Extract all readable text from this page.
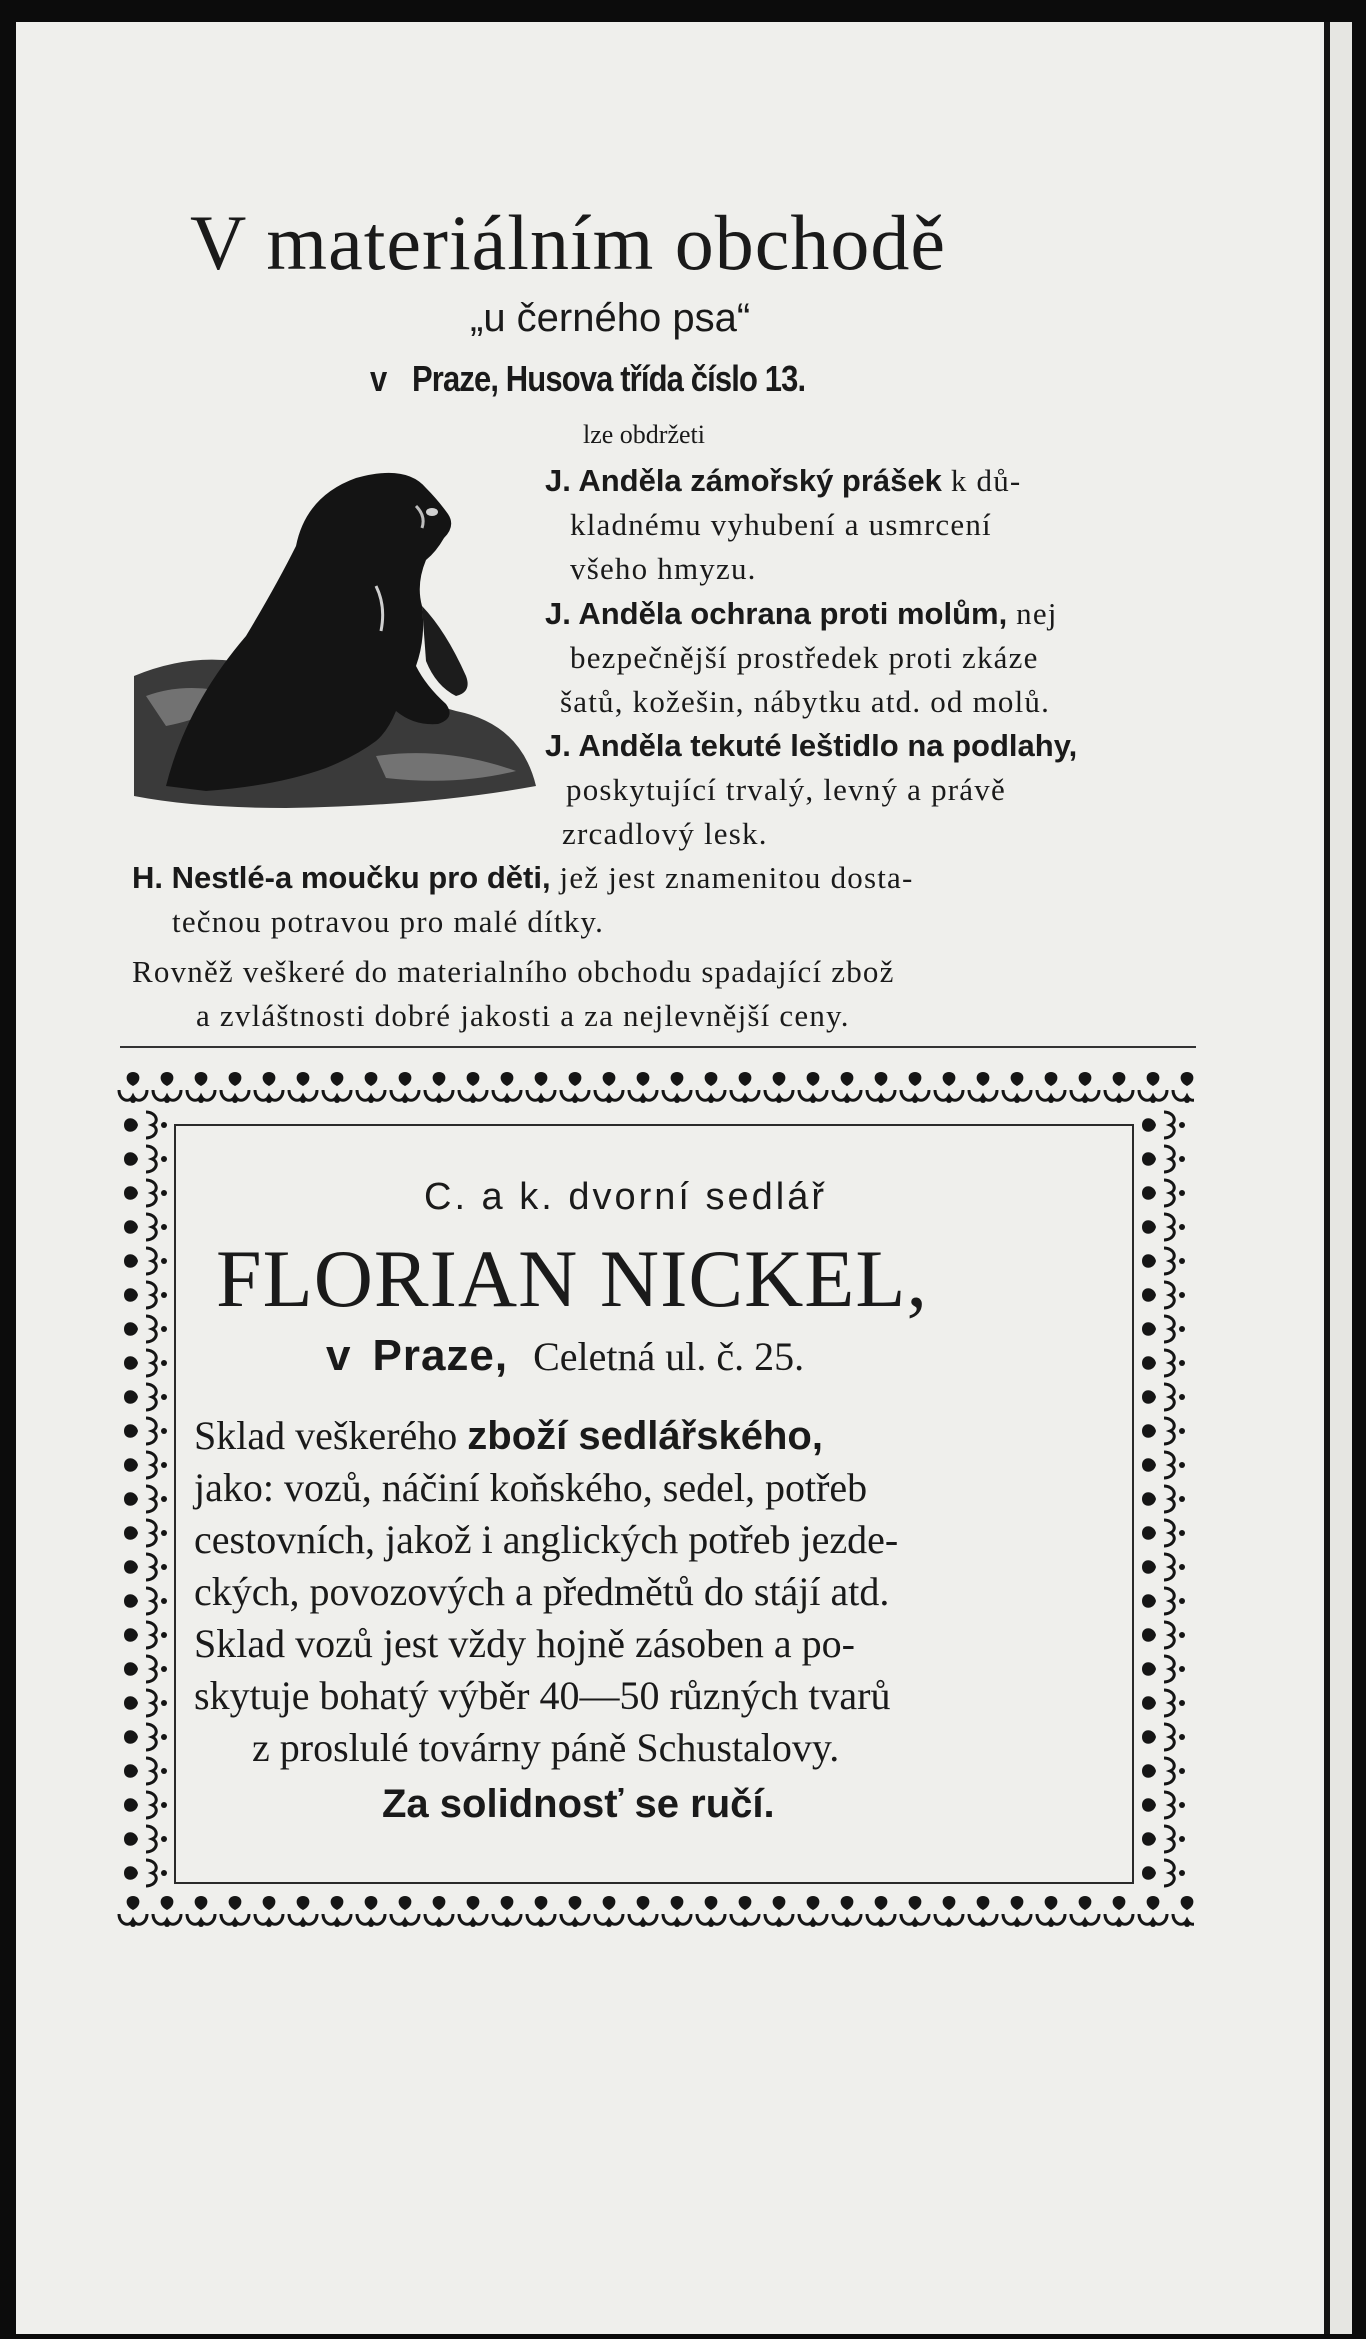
V materiálním obchodě
„u černého psa“
v Praze, Husova třída číslo 13.
lze obdržeti
J. Anděla zámořský prášek k dů-
kladnému vyhubení a usmrcení
všeho hmyzu.
J. Anděla ochrana proti molům, nej
bezpečnější prostředek proti zkáze
šatů, kožešin, nábytku atd. od molů.
J. Anděla tekuté leštidlo na podlahy,
poskytující trvalý, levný a právě
zrcadlový lesk.
H. Nestlé-a moučku pro děti, jež jest znamenitou dosta-
tečnou potravou pro malé dítky.
Rovněž veškeré do materialního obchodu spadající zbož
a zvláštnosti dobré jakosti a za nejlevnější ceny.
C. a k. dvorní sedlář
FLORIAN NICKEL,
v Praze, Celetná ul. č. 25.
Sklad veškerého zboží sedlářského,
jako: vozů, náčiní koňského, sedel, potřeb
cestovních, jakož i anglických potřeb jezde-
ckých, povozových a předmětů do stájí atd.
Sklad vozů jest vždy hojně zásoben a po-
skytuje bohatý výběr 40—50 různých tvarů
z proslulé továrny páně Schustalovy.
Za solidnosť se ručí.
